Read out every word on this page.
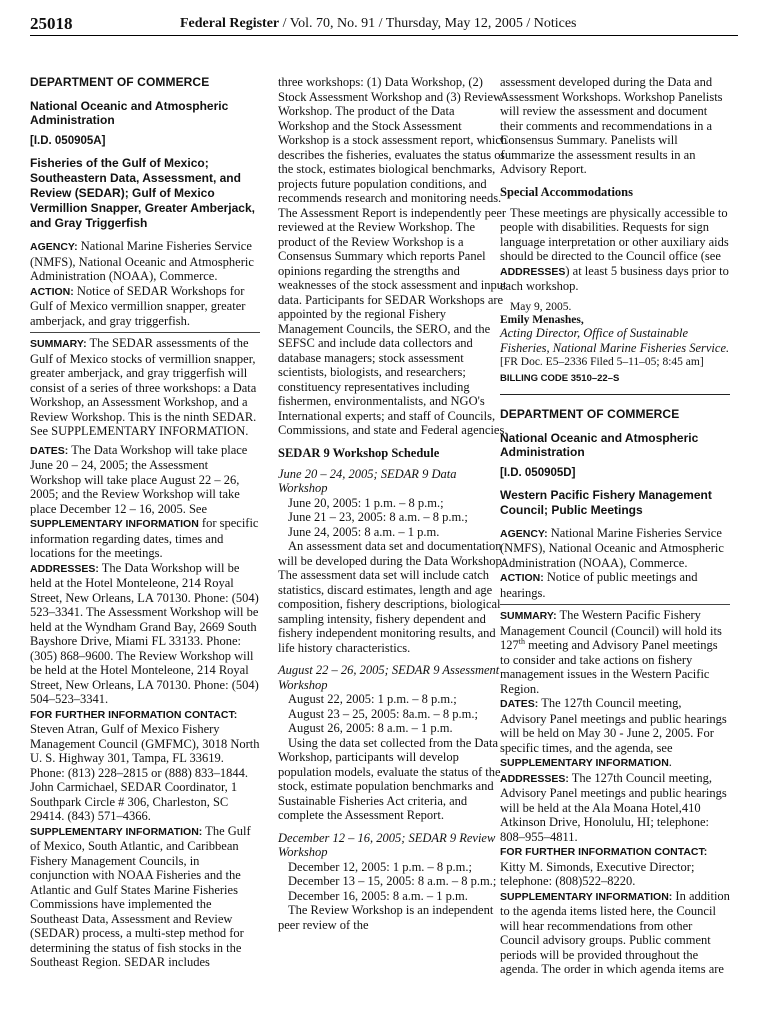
25018	Federal Register / Vol. 70, No. 91 / Thursday, May 12, 2005 / Notices

DEPARTMENT OF COMMERCE

National Oceanic and Atmospheric Administration

[I.D. 050905A]

Fisheries of the Gulf of Mexico; Southeastern Data, Assessment, and Review (SEDAR); Gulf of Mexico Vermillion Snapper, Greater Amberjack, and Gray Triggerfish

AGENCY: National Marine Fisheries Service (NMFS), National Oceanic and Atmospheric Administration (NOAA), Commerce.

ACTION: Notice of SEDAR Workshops for Gulf of Mexico vermillion snapper, greater amberjack, and gray triggerfish.

SUMMARY: The SEDAR assessments of the Gulf of Mexico stocks of vermillion snapper, greater amberjack, and gray triggerfish will consist of a series of three workshops: a Data Workshop, an Assessment Workshop, and a Review Workshop. This is the ninth SEDAR. See SUPPLEMENTARY INFORMATION.

DATES: The Data Workshop will take place June 20 – 24, 2005; the Assessment Workshop will take place August 22 – 26, 2005; and the Review Workshop will take place December 12 – 16, 2005. See SUPPLEMENTARY INFORMATION for specific information regarding dates, times and locations for the meetings.

ADDRESSES: The Data Workshop will be held at the Hotel Monteleone, 214 Royal Street, New Orleans, LA 70130. Phone: (504) 523–3341. The Assessment Workshop will be held at the Wyndham Grand Bay, 2669 South Bayshore Drive, Miami FL 33133. Phone:(305) 868–9600. The Review Workshop will be held at the Hotel Monteleone, 214 Royal Street, New Orleans, LA 70130. Phone: (504) 504–523–3341.

FOR FURTHER INFORMATION CONTACT:

Steven Atran, Gulf of Mexico Fishery Management Council (GMFMC), 3018 North U. S. Highway 301, Tampa, FL 33619. Phone: (813) 228–2815 or (888) 833–1844. John Carmichael, SEDAR Coordinator, 1 Southpark Circle # 306, Charleston, SC 29414. (843) 571–4366.

SUPPLEMENTARY INFORMATION: The Gulf of Mexico, South Atlantic, and Caribbean Fishery Management Councils, in conjunction with NOAA Fisheries and the Atlantic and Gulf States Marine Fisheries Commissions have implemented the Southeast Data, Assessment and Review (SEDAR) process, a multi-step method for determining the status of fish stocks in the Southeast Region. SEDAR includes

three workshops: (1) Data Workshop, (2) Stock Assessment Workshop and (3) Review Workshop. The product of the Data Workshop and the Stock Assessment Workshop is a stock assessment report, which describes the fisheries, evaluates the status of the stock, estimates biological benchmarks, projects future population conditions, and recommends research and monitoring needs. The Assessment Report is independently peer reviewed at the Review Workshop. The product of the Review Workshop is a Consensus Summary which reports Panel opinions regarding the strengths and weaknesses of the stock assessment and input data. Participants for SEDAR Workshops are appointed by the regional Fishery Management Councils, the SERO, and the SEFSC and include data collectors and database managers; stock assessment scientists, biologists, and researchers; constituency representatives including fishermen, environmentalists, and NGO's International experts; and staff of Councils, Commissions, and state and Federal agencies.

SEDAR 9 Workshop Schedule

June 20 – 24, 2005; SEDAR 9 Data Workshop

June 20, 2005: 1 p.m. – 8 p.m.;

June 21 – 23, 2005: 8 a.m. – 8 p.m.;

June 24, 2005: 8 a.m. – 1 p.m.

An assessment data set and documentation will be developed during the Data Workshop. The assessment data set will include catch statistics, discard estimates, length and age composition, fishery descriptions, biological sampling intensity, fishery dependent and fishery independent monitoring results, and life history characteristics.

August 22 – 26, 2005; SEDAR 9 Assessment Workshop

August 22, 2005: 1 p.m. – 8 p.m.;

August 23 – 25, 2005: 8a.m. – 8 p.m.;

August 26, 2005: 8 a.m. – 1 p.m.

Using the data set collected from the Data Workshop, participants will develop population models, evaluate the status of the stock, estimate population benchmarks and Sustainable Fisheries Act criteria, and complete the Assessment Report.

December 12 – 16, 2005; SEDAR 9 Review Workshop

December 12, 2005: 1 p.m. – 8 p.m.;

December 13 – 15, 2005: 8 a.m. – 8 p.m.;

December 16, 2005: 8 a.m. – 1 p.m.

The Review Workshop is an independent peer review of the

assessment developed during the Data and Assessment Workshops. Workshop Panelists will review the assessment and document their comments and recommendations in a Consensus Summary. Panelists will summarize the assessment results in an Advisory Report.

Special Accommodations

These meetings are physically accessible to people with disabilities. Requests for sign language interpretation or other auxiliary aids should be directed to the Council office (see ADDRESSES) at least 5 business days prior to each workshop.

May 9, 2005.

Emily Menashes,

Acting Director, Office of Sustainable Fisheries, National Marine Fisheries Service.

[FR Doc. E5–2336 Filed 5–11–05; 8:45 am]

BILLING CODE 3510–22–S

DEPARTMENT OF COMMERCE

National Oceanic and Atmospheric Administration

[I.D. 050905D]

Western Pacific Fishery Management Council; Public Meetings

AGENCY: National Marine Fisheries Service (NMFS), National Oceanic and Atmospheric Administration (NOAA), Commerce.

ACTION: Notice of public meetings and hearings.

SUMMARY: The Western Pacific Fishery Management Council (Council) will hold its 127th meeting and Advisory Panel meetings to consider and take actions on fishery management issues in the Western Pacific Region.

DATES: The 127th Council meeting, Advisory Panel meetings and public hearings will be held on May 30 - June 2, 2005. For specific times, and the agenda, see SUPPLEMENTARY INFORMATION.

ADDRESSES: The 127th Council meeting, Advisory Panel meetings and public hearings will be held at the Ala Moana Hotel,410 Atkinson Drive, Honolulu, HI; telephone: 808–955–4811.

FOR FURTHER INFORMATION CONTACT:

Kitty M. Simonds, Executive Director; telephone: (808)522–8220.

SUPPLEMENTARY INFORMATION: In addition to the agenda items listed here, the Council will hear recommendations from other Council advisory groups. Public comment periods will be provided throughout the agenda. The order in which agenda items are
